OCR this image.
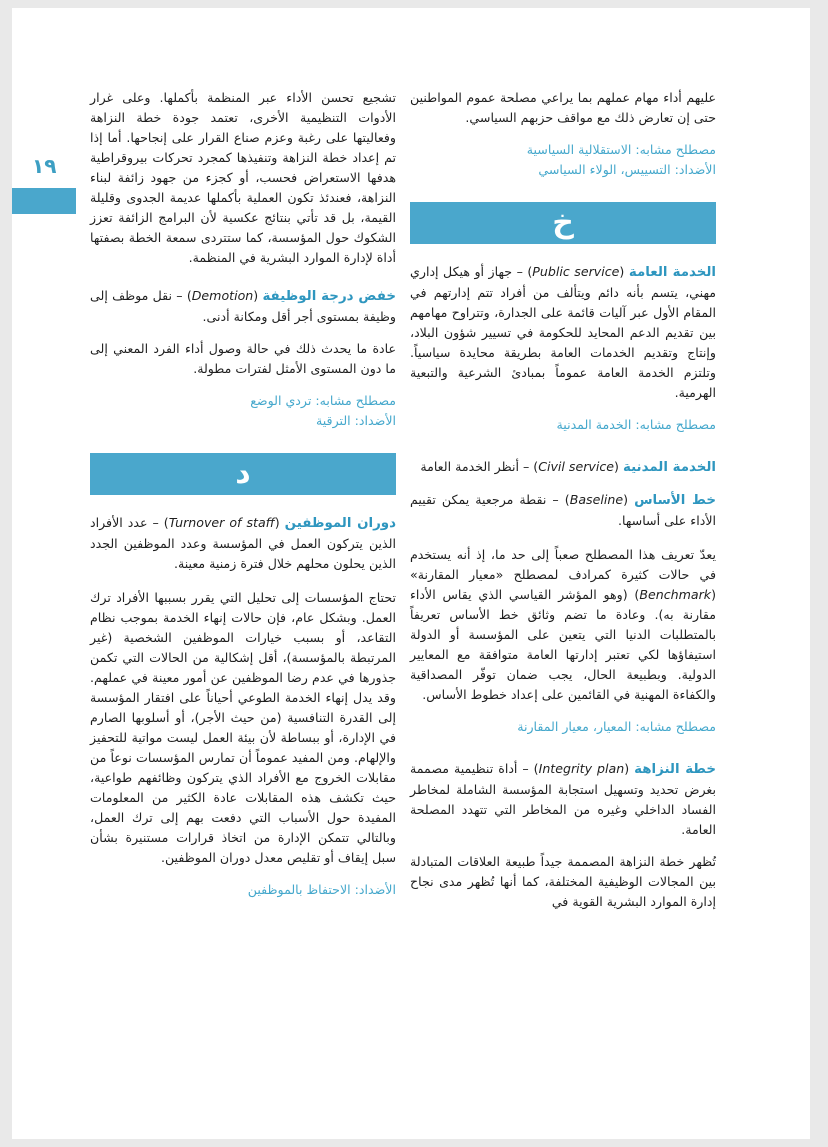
١٩

عليهم أداء مهام عملهم بما يراعي مصلحة عموم المواطنين حتى إن تعارض ذلك مع مواقف حزبهم السياسي.

مصطلح مشابه: الاستقلالية السياسية

الأضداد: التسييس، الولاء السياسي

خ

الخدمة العامة (Public service) – جهاز أو هيكل إداري مهني، يتسم بأنه دائم ويتألف من أفراد تتم إدارتهم في المقام الأول عبر آليات قائمة على الجدارة، وتتراوح مهامهم بين تقديم الدعم المحايد للحكومة في تسيير شؤون البلاد، وإنتاج وتقديم الخدمات العامة بطريقة محايدة سياسياً. وتلتزم الخدمة العامة عموماً بمبادئ الشرعية والتبعية الهرمية.

مصطلح مشابه: الخدمة المدنية

الخدمة المدنية (Civil service) – أنظر الخدمة العامة

خط الأساس (Baseline) – نقطة مرجعية يمكن تقييم الأداء على أساسها.

يعدّ تعريف هذا المصطلح صعباً إلى حد ما، إذ أنه يستخدم في حالات كثيرة كمرادف لمصطلح «معيار المقارنة» (Benchmark) (وهو المؤشر القياسي الذي يقاس الأداء مقارنة به). وعادة ما تضم وثائق خط الأساس تعريفاً بالمتطلبات الدنيا التي يتعين على المؤسسة أو الدولة استيفاؤها لكي تعتبر إدارتها العامة متوافقة مع المعايير الدولية. وبطبيعة الحال، يجب ضمان توفّر المصداقية والكفاءة المهنية في القائمين على إعداد خطوط الأساس.

مصطلح مشابه: المعيار، معيار المقارنة

خطة النزاهة (Integrity plan) – أداة تنظيمية مصممة بغرض تحديد وتسهيل استجابة المؤسسة الشاملة لمخاطر الفساد الداخلي وغيره من المخاطر التي تتهدد المصلحة العامة.

تُظهر خطة النزاهة المصممة جيداً طبيعة العلاقات المتبادلة بين المجالات الوظيفية المختلفة، كما أنها تُظهر مدى نجاح إدارة الموارد البشرية القوية في

تشجيع تحسن الأداء عبر المنظمة بأكملها. وعلى غرار الأدوات التنظيمية الأخرى، تعتمد جودة خطة النزاهة وفعاليتها على رغبة وعزم صناع القرار على إنجاحها. أما إذا تم إعداد خطة النزاهة وتنفيذها كمجرد تحركات بيروقراطية هدفها الاستعراض فحسب، أو كجزء من جهود زائفة لبناء النزاهة، فعندئذ تكون العملية بأكملها عديمة الجدوى وقليلة القيمة، بل قد تأتي بنتائج عكسية لأن البرامج الزائفة تعزز الشكوك حول المؤسسة، كما ستتردى سمعة الخطة بصفتها أداة لإدارة الموارد البشرية في المنظمة.

خفض درجة الوظيفة (Demotion) – نقل موظف إلى وظيفة بمستوى أجر أقل ومكانة أدنى.

عادة ما يحدث ذلك في حالة وصول أداء الفرد المعني إلى ما دون المستوى الأمثل لفترات مطولة.

مصطلح مشابه: تردي الوضع

الأضداد: الترقية

د

دوران الموظفين (Turnover of staff) – عدد الأفراد الذين يتركون العمل في المؤسسة وعدد الموظفين الجدد الذين يحلون محلهم خلال فترة زمنية معينة.

تحتاج المؤسسات إلى تحليل التي يقرر بسببها الأفراد ترك العمل. وبشكل عام، فإن حالات إنهاء الخدمة بموجب نظام التقاعد، أو بسبب خيارات الموظفين الشخصية (غير المرتبطة بالمؤسسة)، أقل إشكالية من الحالات التي تكمن جذورها في عدم رضا الموظفين عن أمور معينة في عملهم. وقد يدل إنهاء الخدمة الطوعي أحياناً على افتقار المؤسسة إلى القدرة التنافسية (من حيث الأجر)، أو أسلوبها الصارم في الإدارة، أو ببساطة لأن بيئة العمل ليست مواتية للتحفيز والإلهام. ومن المفيد عموماً أن تمارس المؤسسات نوعاً من مقابلات الخروج مع الأفراد الذي يتركون وظائفهم طواعية، حيث تكشف هذه المقابلات عادة الكثير من المعلومات المفيدة حول الأسباب التي دفعت بهم إلى ترك العمل، وبالتالي تتمكن الإدارة من اتخاذ قرارات مستنيرة بشأن سبل إيقاف أو تقليص معدل دوران الموظفين.

الأضداد: الاحتفاظ بالموظفين
